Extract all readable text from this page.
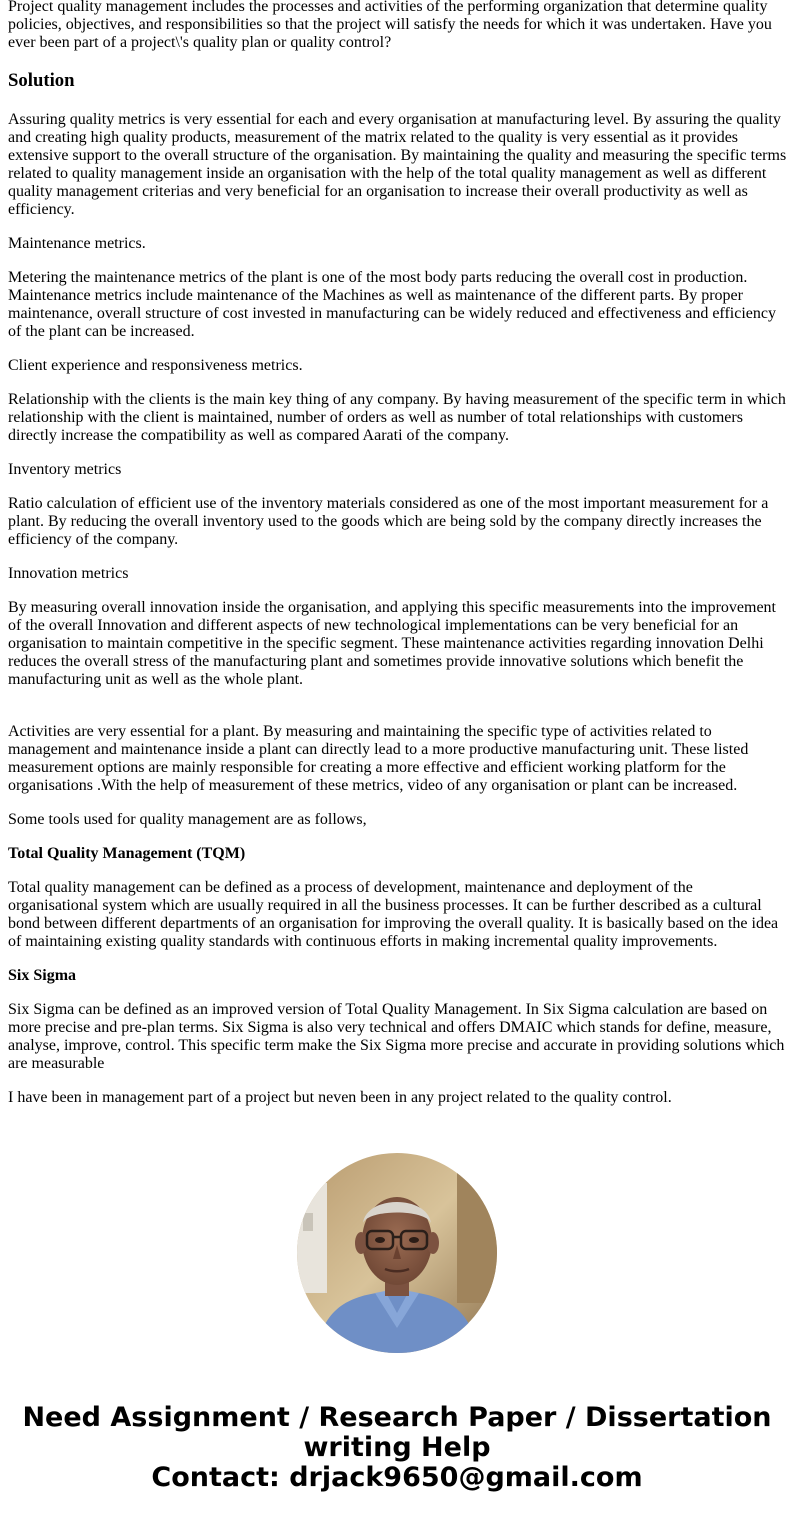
Project quality management includes the processes and activities of the performing organization that determine quality policies, objectives, and responsibilities so that the project will satisfy the needs for which it was undertaken. Have you ever been part of a project\'s quality plan or quality control?

Solution

Assuring quality metrics is very essential for each and every organisation at manufacturing level. By assuring the quality and creating high quality products, measurement of the matrix related to the quality is very essential as it provides extensive support to the overall structure of the organisation. By maintaining the quality and measuring the specific terms related to quality management inside an organisation with the help of the total quality management as well as different quality management criterias and very beneficial for an organisation to increase their overall productivity as well as efficiency.

Maintenance metrics.

Metering the maintenance metrics of the plant is one of the most body parts reducing the overall cost in production. Maintenance metrics include maintenance of the Machines as well as maintenance of the different parts. By proper maintenance, overall structure of cost invested in manufacturing can be widely reduced and effectiveness and efficiency of the plant can be increased.

Client experience and responsiveness metrics.

Relationship with the clients is the main key thing of any company. By having measurement of the specific term in which relationship with the client is maintained, number of orders as well as number of total relationships with customers directly increase the compatibility as well as compared Aarati of the company.

Inventory metrics

Ratio calculation of efficient use of the inventory materials considered as one of the most important measurement for a plant. By reducing the overall inventory used to the goods which are being sold by the company directly increases the efficiency of the company.

Innovation metrics

By measuring overall innovation inside the organisation, and applying this specific measurements into the improvement of the overall Innovation and different aspects of new technological implementations can be very beneficial for an organisation to maintain competitive in the specific segment. These maintenance activities regarding innovation Delhi reduces the overall stress of the manufacturing plant and sometimes provide innovative solutions which benefit the manufacturing unit as well as the whole plant.

Activities are very essential for a plant. By measuring and maintaining the specific type of activities related to management and maintenance inside a plant can directly lead to a more productive manufacturing unit. These listed measurement options are mainly responsible for creating a more effective and efficient working platform for the organisations .With the help of measurement of these metrics, video of any organisation or plant can be increased.

Some tools used for quality management are as follows,

Total Quality Management (TQM)

Total quality management can be defined as a process of development, maintenance and deployment of the organisational system which are usually required in all the business processes. It can be further described as a cultural bond between different departments of an organisation for improving the overall quality. It is basically based on the idea of maintaining existing quality standards with continuous efforts in making incremental quality improvements.

Six Sigma

Six Sigma can be defined as an improved version of Total Quality Management. In Six Sigma calculation are based on more precise and pre-plan terms. Six Sigma is also very technical and offers DMAIC which stands for define, measure, analyse, improve, control. This specific term make the Six Sigma more precise and accurate in providing solutions which are measurable

I have been in management part of a project but neven been in any project related to the quality control.

Need Assignment / Research Paper / Dissertation writing Help
Contact: drjack9650@gmail.com
